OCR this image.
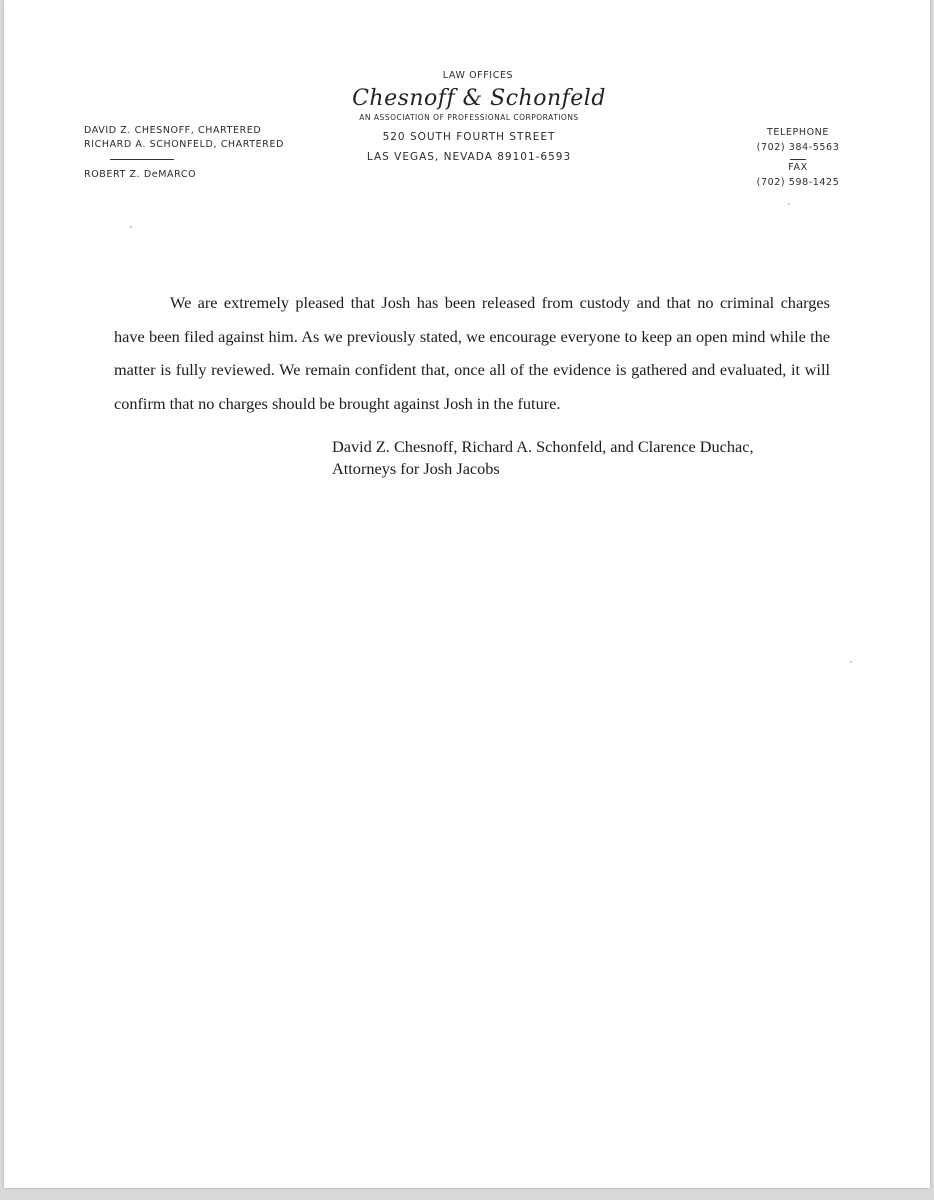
DAVID Z. CHESNOFF, CHARTERED
RICHARD A. SCHONFELD, CHARTERED
ROBERT Z. DeMARCO
LAW OFFICES
Chesnoff & Schonfeld
AN ASSOCIATION OF PROFESSIONAL CORPORATIONS
520 SOUTH FOURTH STREET
LAS VEGAS, NEVADA 89101-6593
TELEPHONE
(702) 384-5563
FAX
(702) 598-1425

We are extremely pleased that Josh has been released from custody and that no criminal charges have been filed against him. As we previously stated, we encourage everyone to keep an open mind while the matter is fully reviewed. We remain confident that, once all of the evidence is gathered and evaluated, it will confirm that no charges should be brought against Josh in the future.

David Z. Chesnoff, Richard A. Schonfeld, and Clarence Duchac,
Attorneys for Josh Jacobs
